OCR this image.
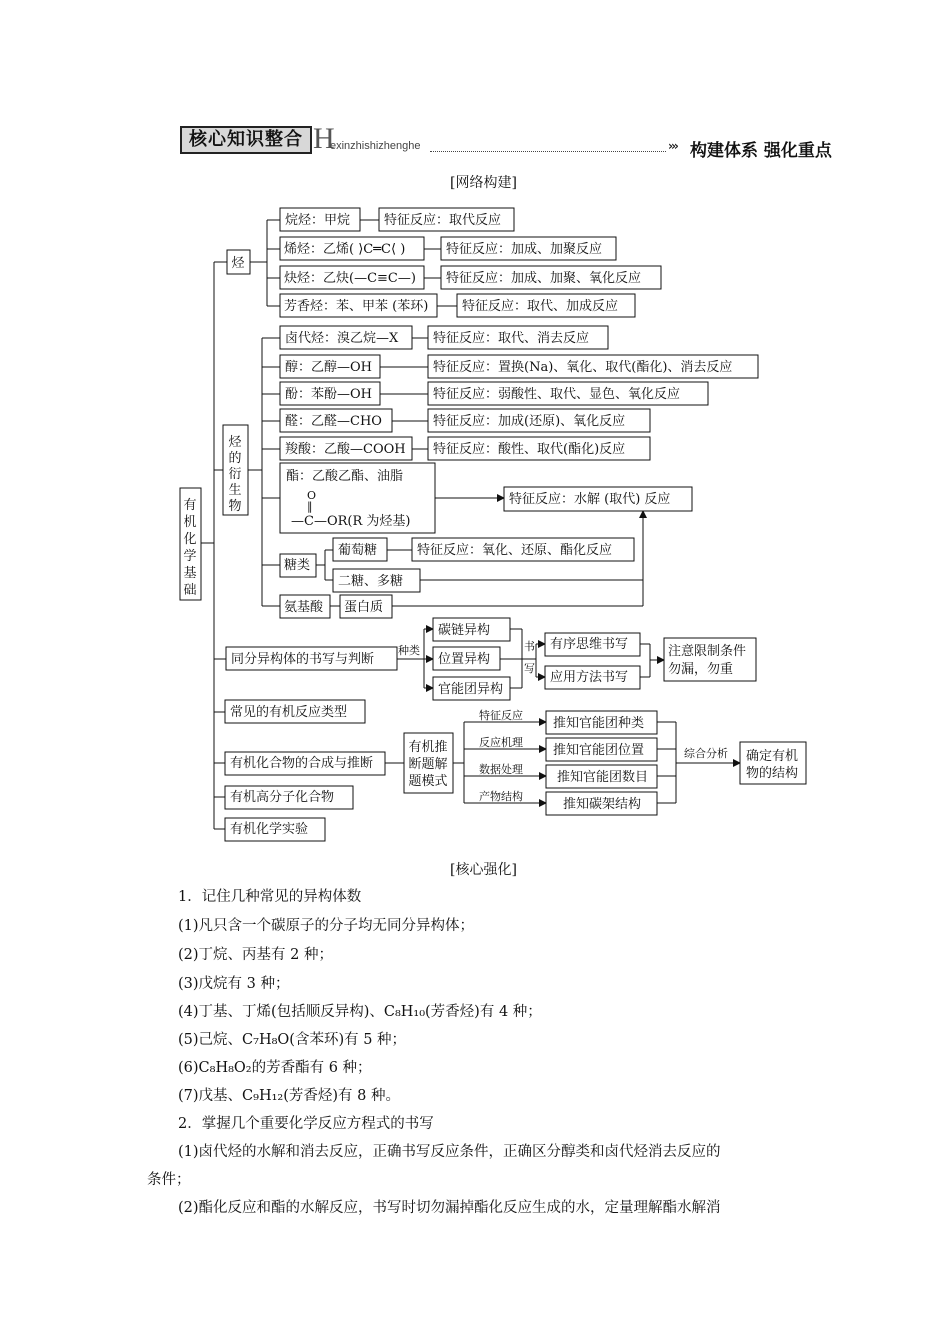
核心知识整合 H
exinzhishizhenghe	››› 构建体系 强化重点
[网络构建]
有
机
化
学
基
础
烃
烃
的
衍
生
物
烷烃：甲烷	特征反应：取代反应
烯烃：乙烯( ⟩C═C⟨ )	特征反应：加成、加聚反应
炔烃：乙炔(—C≡C—) 特征反应：加成、加聚、氧化反应
芳香烃：苯、甲苯 (苯环)	特征反应：取代、加成反应
卤代烃：溴乙烷—X	特征反应：取代、消去反应
醇：乙醇—OH	特征反应：置换(Na)、氧化、取代(酯化)、消去反应
酚：苯酚—OH	特征反应：弱酸性、取代、显色、氧化反应
醛：乙醛—CHO	特征反应：加成(还原)、氧化反应
羧酸：乙酸—COOH 特征反应：酸性、取代(酯化)反应
酯：乙酸乙酯、油脂
O
‖
—C—OR(R 为烃基)
特征反应：水解 (取代) 反应
糖类
葡萄糖	特征反应：氧化、还原、酯化反应
二糖、多糖
氨基酸 蛋白质
同分异构体的书写与判断
种类
碳链异构
位置异构
官能团异构
书
写
有序思维书写
应用方法书写
注意限制条件
勿漏，勿重
常见的有机反应类型
有机化合物的合成与推断
有机推
断题解
题模式
特征反应
反应机理
数据处理
产物结构
推知官能团种类
推知官能团位置
推知官能团数目
推知碳架结构
综合分析 确定有机
物的结构
有机高分子化合物
有机化学实验
[核心强化]
1．记住几种常见的异构体数
(1)凡只含一个碳原子的分子均无同分异构体；
(2)丁烷、丙基有 2 种；
(3)戊烷有 3 种；
(4)丁基、丁烯(包括顺反异构)、C₈H₁₀(芳香烃)有 4 种；
(5)己烷、C₇H₈O(含苯环)有 5 种；
(6)C₈H₈O₂的芳香酯有 6 种；
(7)戊基、C₉H₁₂(芳香烃)有 8 种。
2．掌握几个重要化学反应方程式的书写
(1)卤代烃的水解和消去反应，正确书写反应条件，正确区分醇类和卤代烃消去反应的
条件；
(2)酯化反应和酯的水解反应，书写时切勿漏掉酯化反应生成的水，定量理解酯水解消
